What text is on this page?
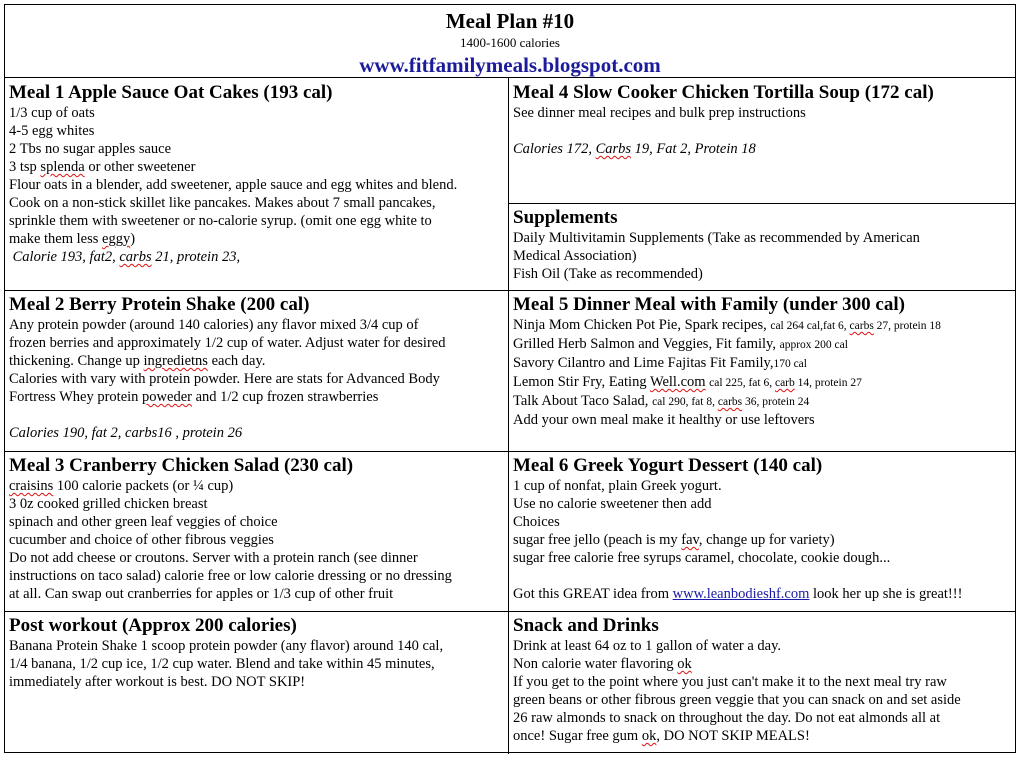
Meal Plan #10
1400-1600 calories
www.fitfamilymeals.blogspot.com
Meal 1 Apple Sauce Oat Cakes (193 cal)
1/3 cup of oats
4-5 egg whites
2 Tbs no sugar apples sauce
3 tsp splenda or other sweetener
Flour oats in a blender, add sweetener, apple sauce and egg whites and blend.
Cook on a non-stick skillet like pancakes. Makes about 7 small pancakes,
sprinkle them with sweetener or no-calorie syrup. (omit one egg white to
make them less eggy)
Calorie 193, fat2, carbs 21, protein 23,
Meal 4 Slow Cooker Chicken Tortilla Soup (172 cal)
See dinner meal recipes and bulk prep instructions
Calories 172, Carbs 19, Fat 2, Protein 18
Supplements
Daily Multivitamin Supplements (Take as recommended by American
Medical Association)
Fish Oil (Take as recommended)
Meal 2 Berry Protein Shake (200 cal)
Any protein powder (around 140 calories) any flavor mixed 3/4 cup of
frozen berries and approximately 1/2 cup of water. Adjust water for desired
thickening. Change up ingredietns each day.
Calories with vary with protein powder. Here are stats for Advanced Body
Fortress Whey protein poweder and 1/2 cup frozen strawberries
Calories 190, fat 2, carbs16 , protein 26
Meal 5 Dinner Meal with Family (under 300 cal)
Ninja Mom Chicken Pot Pie, Spark recipes, cal 264 cal,fat 6, carbs 27, protein 18
Grilled Herb Salmon and Veggies, Fit family, approx 200 cal
Savory Cilantro and Lime Fajitas Fit Family,170 cal
Lemon Stir Fry, Eating Well.com cal 225, fat 6, carb 14, protein 27
Talk About Taco Salad, cal 290, fat 8, carbs 36, protein 24
Add your own meal make it healthy or use leftovers
Meal 3 Cranberry Chicken Salad (230 cal)
craisins 100 calorie packets (or ¼ cup)
3 0z cooked grilled chicken breast
spinach and other green leaf veggies of choice
cucumber and choice of other fibrous veggies
Do not add cheese or croutons. Server with a protein ranch (see dinner
instructions on taco salad) calorie free or low calorie dressing or no dressing
at all. Can swap out cranberries for apples or 1/3 cup of other fruit
Meal 6 Greek Yogurt Dessert (140 cal)
1 cup of nonfat, plain Greek yogurt.
Use no calorie sweetener then add
Choices
sugar free jello (peach is my fav, change up for variety)
sugar free calorie free syrups caramel, chocolate, cookie dough...
Got this GREAT idea from www.leanbodieshf.com look her up she is great!!!
Post workout (Approx 200 calories)
Banana Protein Shake 1 scoop protein powder (any flavor) around 140 cal,
1/4 banana, 1/2 cup ice, 1/2 cup water. Blend and take within 45 minutes,
immediately after workout is best. DO NOT SKIP!
Snack and Drinks
Drink at least 64 oz to 1 gallon of water a day.
Non calorie water flavoring ok
If you get to the point where you just can't make it to the next meal try raw
green beans or other fibrous green veggie that you can snack on and set aside
26 raw almonds to snack on throughout the day. Do not eat almonds all at
once! Sugar free gum ok, DO NOT SKIP MEALS!
